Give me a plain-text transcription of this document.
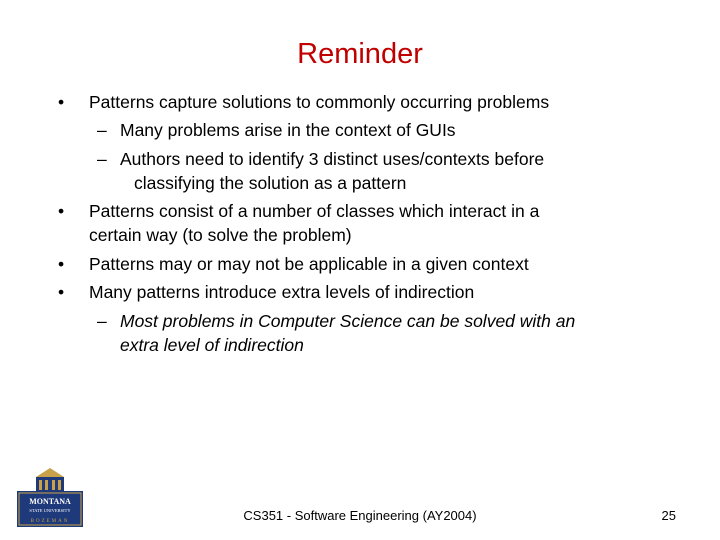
Reminder
• Patterns capture solutions to commonly occurring problems
– Many problems arise in the context of GUIs
– Authors need to identify 3 distinct uses/contexts before
classifying the solution as a pattern
• Patterns consist of a number of classes which interact in a
certain way (to solve the problem)
• Patterns may or may not be applicable in a given context
• Many patterns introduce extra levels of indirection
– Most problems in Computer Science can be solved with an
extra level of indirection
MONTANA
STATE UNIVERSITY
BOZEMAN	CS351 - Software Engineering (AY2004)	25
